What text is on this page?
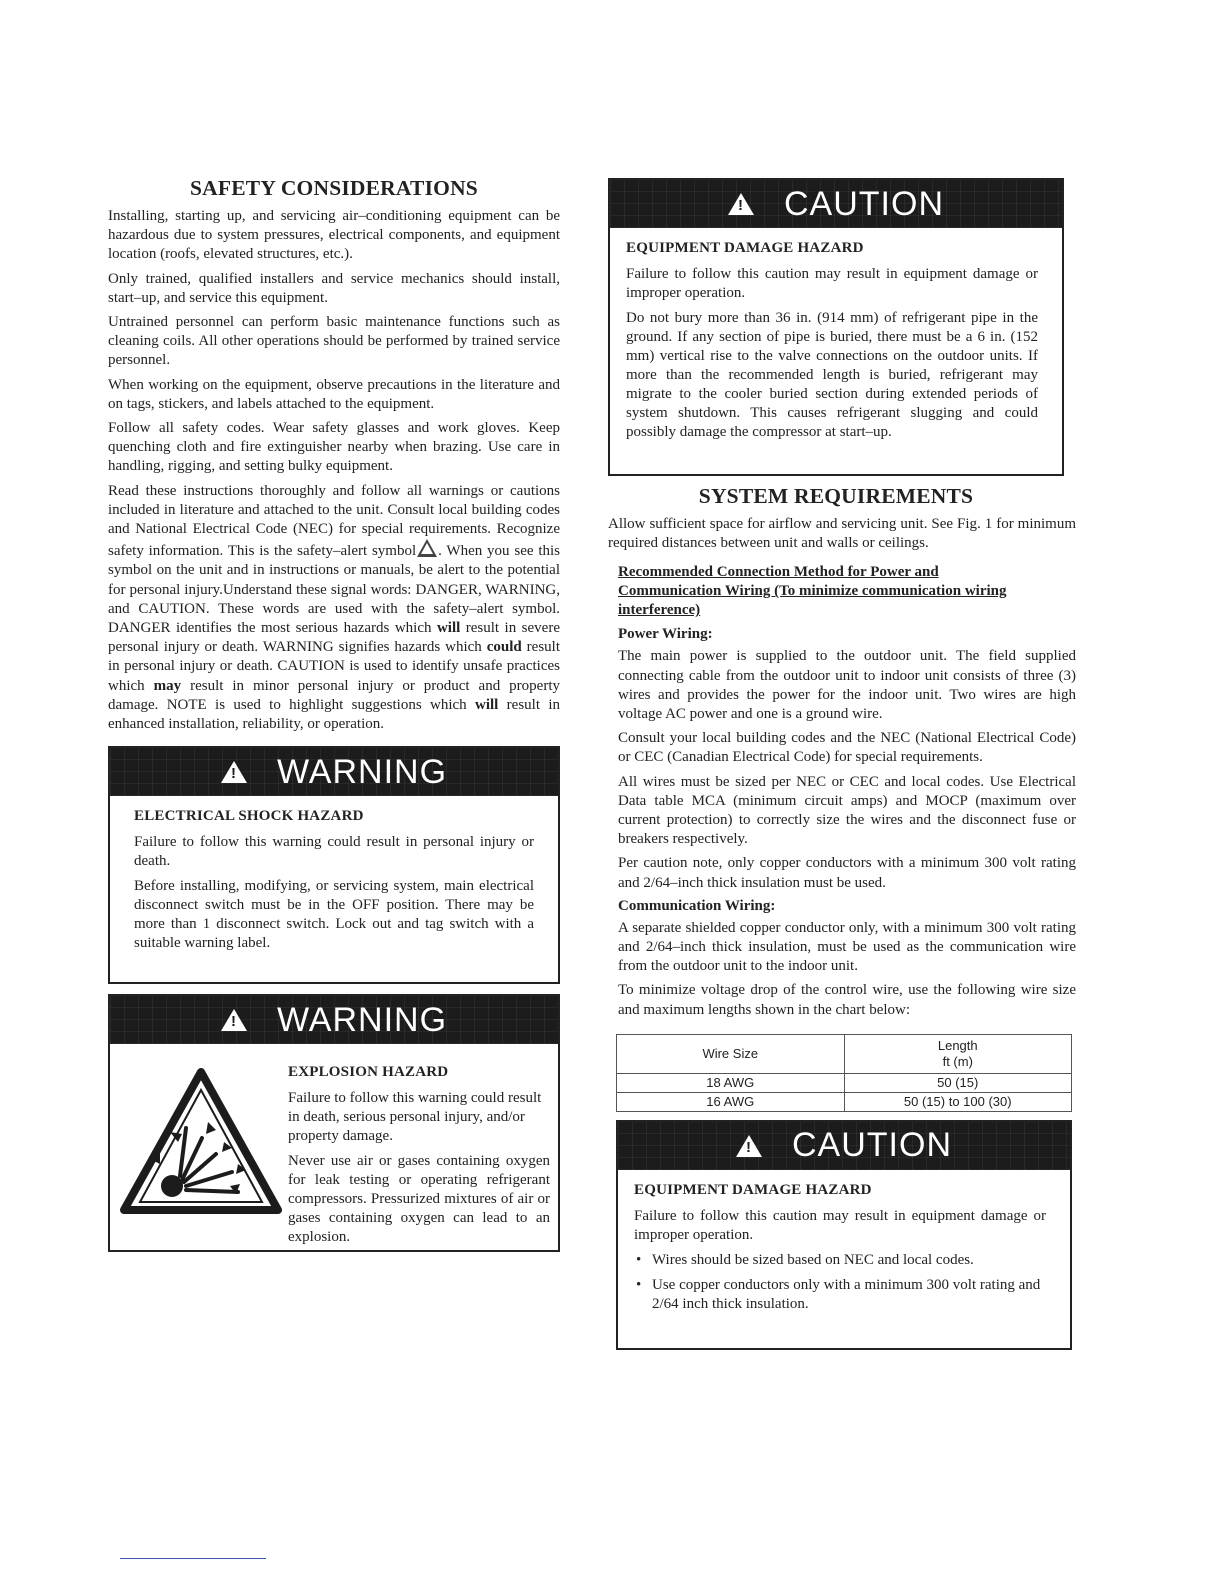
SAFETY CONSIDERATIONS

Installing, starting up, and servicing air–conditioning equipment can be hazardous due to system pressures, electrical components, and equipment location (roofs, elevated structures, etc.).

Only trained, qualified installers and service mechanics should install, start–up, and service this equipment.

Untrained personnel can perform basic maintenance functions such as cleaning coils. All other operations should be performed by trained service personnel.

When working on the equipment, observe precautions in the literature and on tags, stickers, and labels attached to the equipment.

Follow all safety codes. Wear safety glasses and work gloves. Keep quenching cloth and fire extinguisher nearby when brazing. Use care in handling, rigging, and setting bulky equipment.

Read these instructions thoroughly and follow all warnings or cautions included in literature and attached to the unit. Consult local building codes and National Electrical Code (NEC) for special requirements. Recognize safety information. This is the safety–alert symbol . When you see this symbol on the unit and in instructions or manuals, be alert to the potential for personal injury.Understand these signal words: DANGER, WARNING, and CAUTION. These words are used with the safety–alert symbol. DANGER identifies the most serious hazards which will result in severe personal injury or death. WARNING signifies hazards which could result in personal injury or death. CAUTION is used to identify unsafe practices which may result in minor personal injury or product and property damage. NOTE is used to highlight suggestions which will result in enhanced installation, reliability, or operation.

!
WARNING
ELECTRICAL SHOCK HAZARD

Failure to follow this warning could result in personal injury or death.

Before installing, modifying, or servicing system, main electrical disconnect switch must be in the OFF position. There may be more than 1 disconnect switch. Lock out and tag switch with a suitable warning label.

!
WARNING
EXPLOSION HAZARD

Failure to follow this warning could result in death, serious personal injury, and/or property damage.

Never use air or gases containing oxygen for leak testing or operating refrigerant compressors. Pressurized mixtures of air or gases containing oxygen can lead to an explosion.

!
CAUTION
EQUIPMENT DAMAGE HAZARD

Failure to follow this caution may result in equipment damage or improper operation.

Do not bury more than 36 in. (914 mm) of refrigerant pipe in the ground. If any section of pipe is buried, there must be a 6 in. (152 mm) vertical rise to the valve connections on the outdoor units. If more than the recommended length is buried, refrigerant may migrate to the cooler buried section during extended periods of system shutdown. This causes refrigerant slugging and could possibly damage the compressor at start–up.

SYSTEM REQUIREMENTS

Allow sufficient space for airflow and servicing unit. See Fig. 1 for minimum required distances between unit and walls or ceilings.

Recommended Connection Method for Power and Communication Wiring (To minimize communication wiring interference)
Power Wiring:

The main power is supplied to the outdoor unit. The field supplied connecting cable from the outdoor unit to indoor unit consists of three (3) wires and provides the power for the indoor unit. Two wires are high voltage AC power and one is a ground wire.

Consult your local building codes and the NEC (National Electrical Code) or CEC (Canadian Electrical Code) for special requirements.

All wires must be sized per NEC or CEC and local codes. Use Electrical Data table MCA (minimum circuit amps) and MOCP (maximum over current protection) to correctly size the wires and the disconnect fuse or breakers respectively.

Per caution note, only copper conductors with a minimum 300 volt rating and 2/64–inch thick insulation must be used.

Communication Wiring:

A separate shielded copper conductor only, with a minimum 300 volt rating and 2/64–inch thick insulation, must be used as the communication wire from the outdoor unit to the indoor unit.

To minimize voltage drop of the control wire, use the following wire size and maximum lengths shown in the chart below:

Wire Size	Length
ft (m)

18 AWG	50 (15)
16 AWG	50 (15) to 100 (30)
!
CAUTION
EQUIPMENT DAMAGE HAZARD

Failure to follow this caution may result in equipment damage or improper operation.

• Wires should be sized based on NEC and local codes.
• Use copper conductors only with a minimum 300 volt rating and 2/64 inch thick insulation.
